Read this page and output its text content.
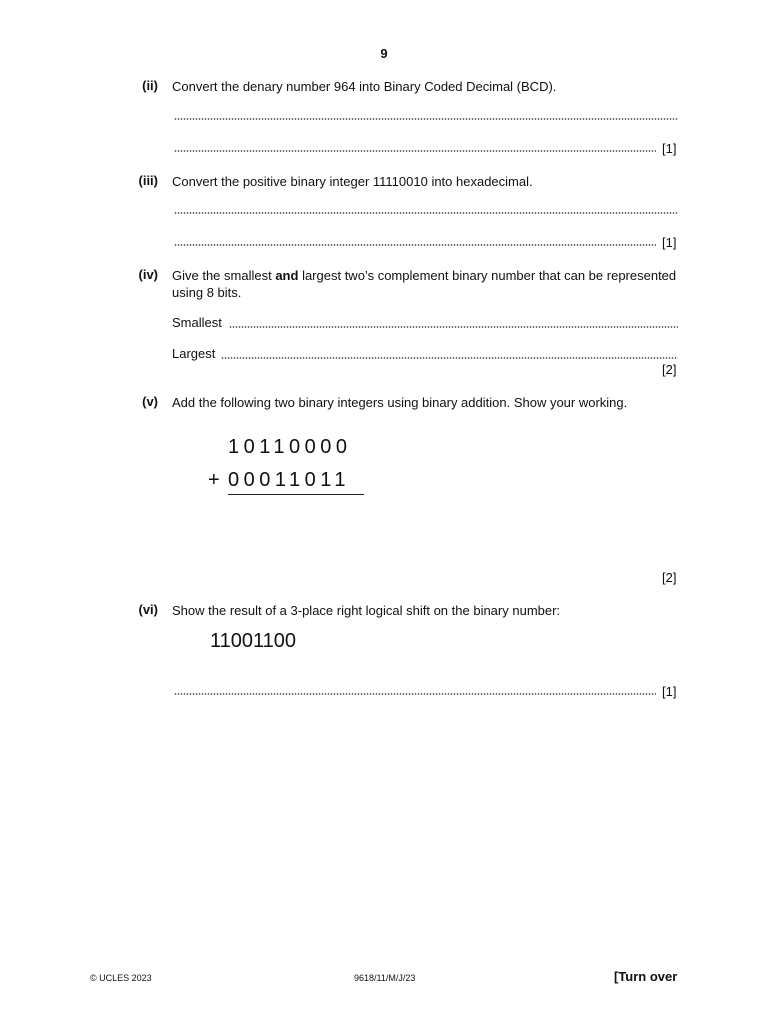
9
(ii) Convert the denary number 964 into Binary Coded Decimal (BCD).
[1]
(iii) Convert the positive binary integer 11110010 into hexadecimal.
[1]
(iv) Give the smallest and largest two’s complement binary number that can be represented
using 8 bits.
Smallest
Largest
[2]
(v) Add the following two binary integers using binary addition. Show your working.
10110000
+ 00011011
[2]
(vi) Show the result of a 3-place right logical shift on the binary number:
11001100
[1]
© UCLES 2023	9618/11/M/J/23	[Turn over
